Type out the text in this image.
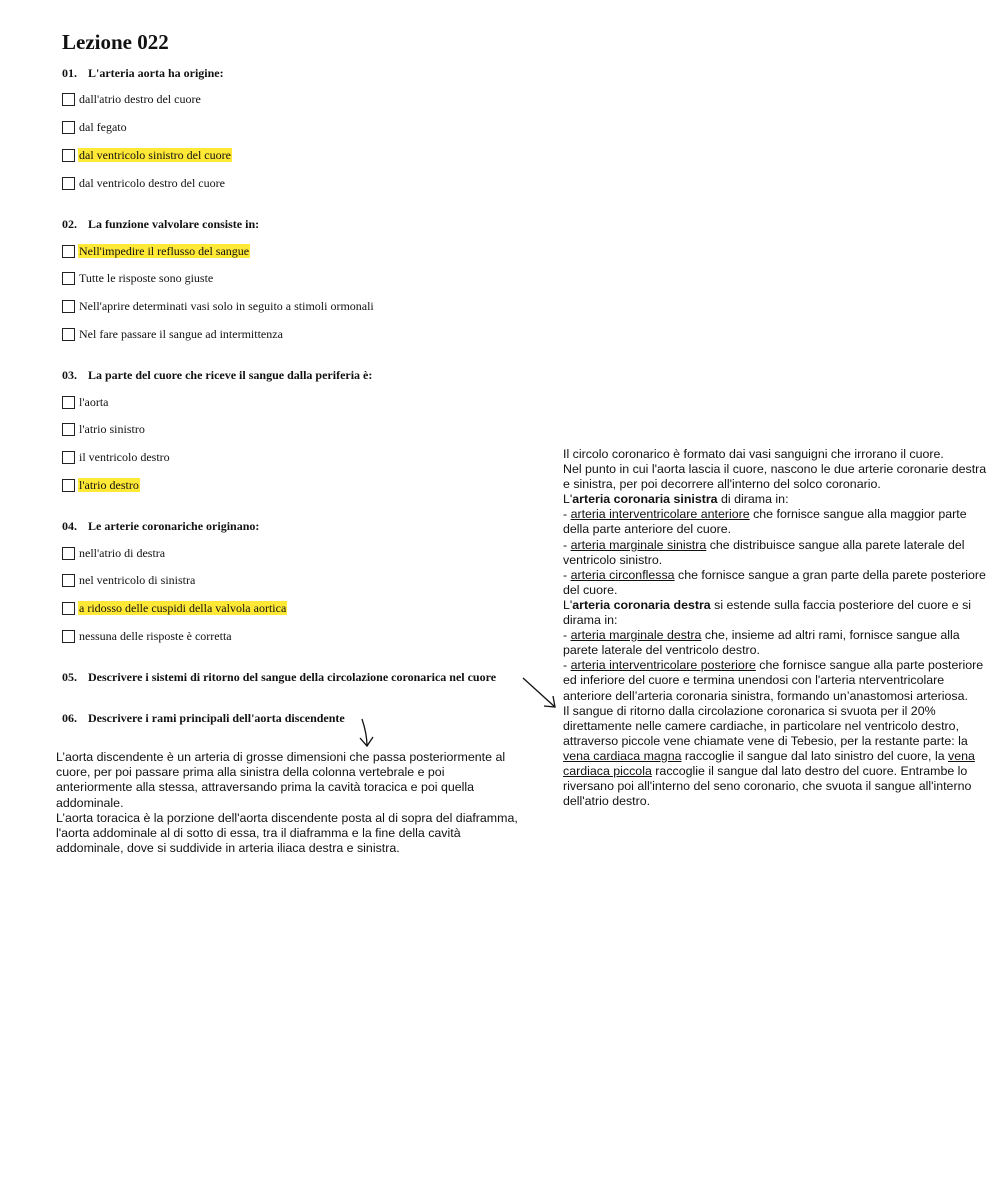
Lezione 022
01. L'arteria aorta ha origine:
dall'atrio destro del cuore
dal fegato
dal ventricolo sinistro del cuore
dal ventricolo destro del cuore
02. La funzione valvolare consiste in:
Nell'impedire il reflusso del sangue
Tutte le risposte sono giuste
Nell'aprire determinati vasi solo in seguito a stimoli ormonali
Nel fare passare il sangue ad intermittenza
03. La parte del cuore che riceve il sangue dalla periferia è:
l'aorta
l'atrio sinistro
il ventricolo destro
l'atrio destro
04. Le arterie coronariche originano:
nell'atrio di destra
nel ventricolo di sinistra
a ridosso delle cuspidi della valvola aortica
nessuna delle risposte è corretta
05. Descrivere i sistemi di ritorno del sangue della circolazione coronarica nel cuore
06. Descrivere i rami principali dell'aorta discendente

L’aorta discendente è un arteria di grosse dimensioni che passa posteriormente al cuore, per poi passare prima alla sinistra della colonna vertebrale e poi anteriormente alla stessa, attraversando prima la cavità toracica e poi quella addominale.

L’aorta toracica è la porzione dell'aorta discendente posta al di sopra del diaframma, l'aorta addominale al di sotto di essa, tra il diaframma e la fine della cavità addominale, dove si suddivide in arteria iliaca destra e sinistra.

Il circolo coronarico è formato dai vasi sanguigni che irrorano il cuore.

Nel punto in cui l'aorta lascia il cuore, nascono le due arterie coronarie destra e sinistra, per poi decorrere all'interno del solco coronario.

L'arteria coronaria sinistra di dirama in:

- arteria interventricolare anteriore che fornisce sangue alla maggior parte della parte anteriore del cuore.

- arteria marginale sinistra che distribuisce sangue alla parete laterale del ventricolo sinistro.

- arteria circonflessa che fornisce sangue a gran parte della parete posteriore del cuore.

L'arteria coronaria destra si estende sulla faccia posteriore del cuore e si dirama in:

- arteria marginale destra che, insieme ad altri rami, fornisce sangue alla parete laterale del ventricolo destro.

- arteria interventricolare posteriore che fornisce sangue alla parte posteriore ed inferiore del cuore e termina unendosi con l'arteria nterventricolare anteriore dell’arteria coronaria sinistra, formando un’anastomosi arteriosa.

Il sangue di ritorno dalla circolazione coronarica si svuota per il 20% direttamente nelle camere cardiache, in particolare nel ventricolo destro, attraverso piccole vene chiamate vene di Tebesio, per la restante parte: la vena cardiaca magna raccoglie il sangue dal lato sinistro del cuore, la vena cardiaca piccola raccoglie il sangue dal lato destro del cuore. Entrambe lo riversano poi all'interno del seno coronario, che svuota il sangue all'interno dell'atrio destro.
